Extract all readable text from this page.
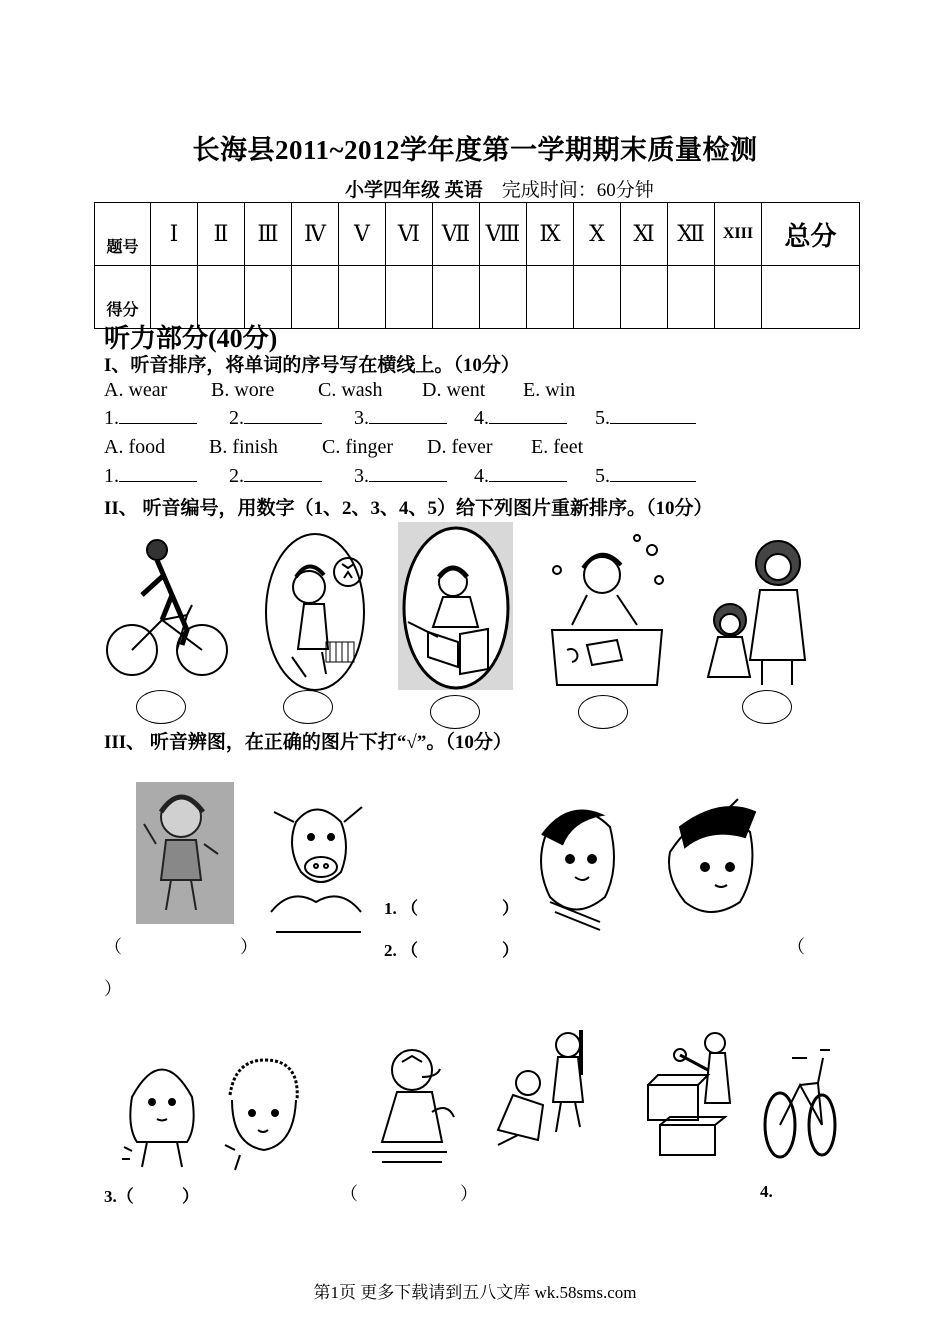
长海县2011~2012学年度第一学期期末质量检测
小学四年级 英语 完成时间：60分钟
题号	Ⅰ	Ⅱ	Ⅲ	Ⅳ	Ⅴ	Ⅵ	Ⅶ	Ⅷ	Ⅸ	Ⅹ	Ⅺ	Ⅻ	XIII	总分
得分														
听力部分(40分)
I、听音排序，将单词的序号写在横线上。（10分）
A. wear B. wore C. wash D. went E. win
1.	2.	3.	4.	5.
A. food B. finish C. finger D. fever E. feet
1.	2.	3.	4.	5.
II、 听音编号，用数字（1、2、3、4、5）给下列图片重新排序。（10分）
III、 听音辨图，在正确的图片下打“√”。（10分）
1. （	）
（	）	2. （	）	（
）
3.（	）	（	）	4.
第1页 更多下载请到五八文库 wk.58sms.com
